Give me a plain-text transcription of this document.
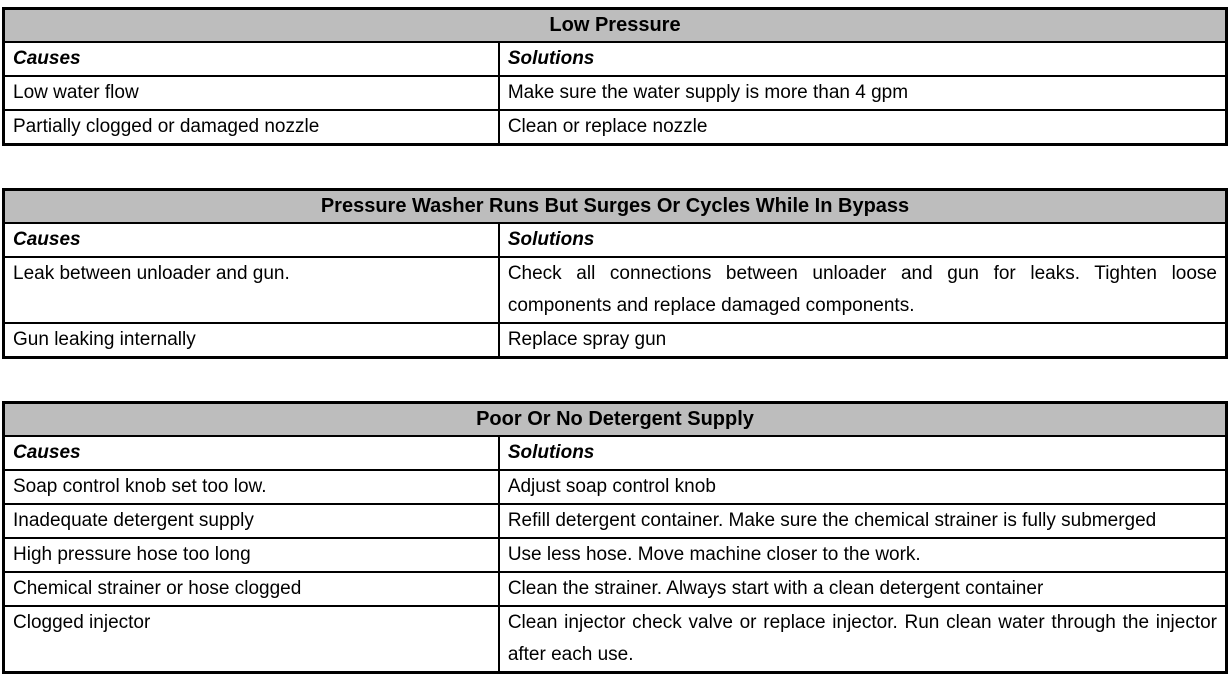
Low Pressure	
Causes	Solutions
Low water flow	Make sure the water supply is more than 4 gpm
Partially clogged or damaged nozzle	Clean or replace nozzle
Pressure Washer Runs But Surges Or Cycles While In Bypass	
Causes	Solutions
Leak between unloader and gun.	Check all connections between unloader and gun for leaks. Tighten loose components and replace damaged components.
Gun leaking internally	Replace spray gun
Poor Or No Detergent Supply	
Causes	Solutions
Soap control knob set too low.	Adjust soap control knob
Inadequate detergent supply	Refill detergent container. Make sure the chemical strainer is fully submerged
High pressure hose too long	Use less hose. Move machine closer to the work.
Chemical strainer or hose clogged	Clean the strainer. Always start with a clean detergent container
Clogged injector	Clean injector check valve or replace injector. Run clean water through the injector after each use.
